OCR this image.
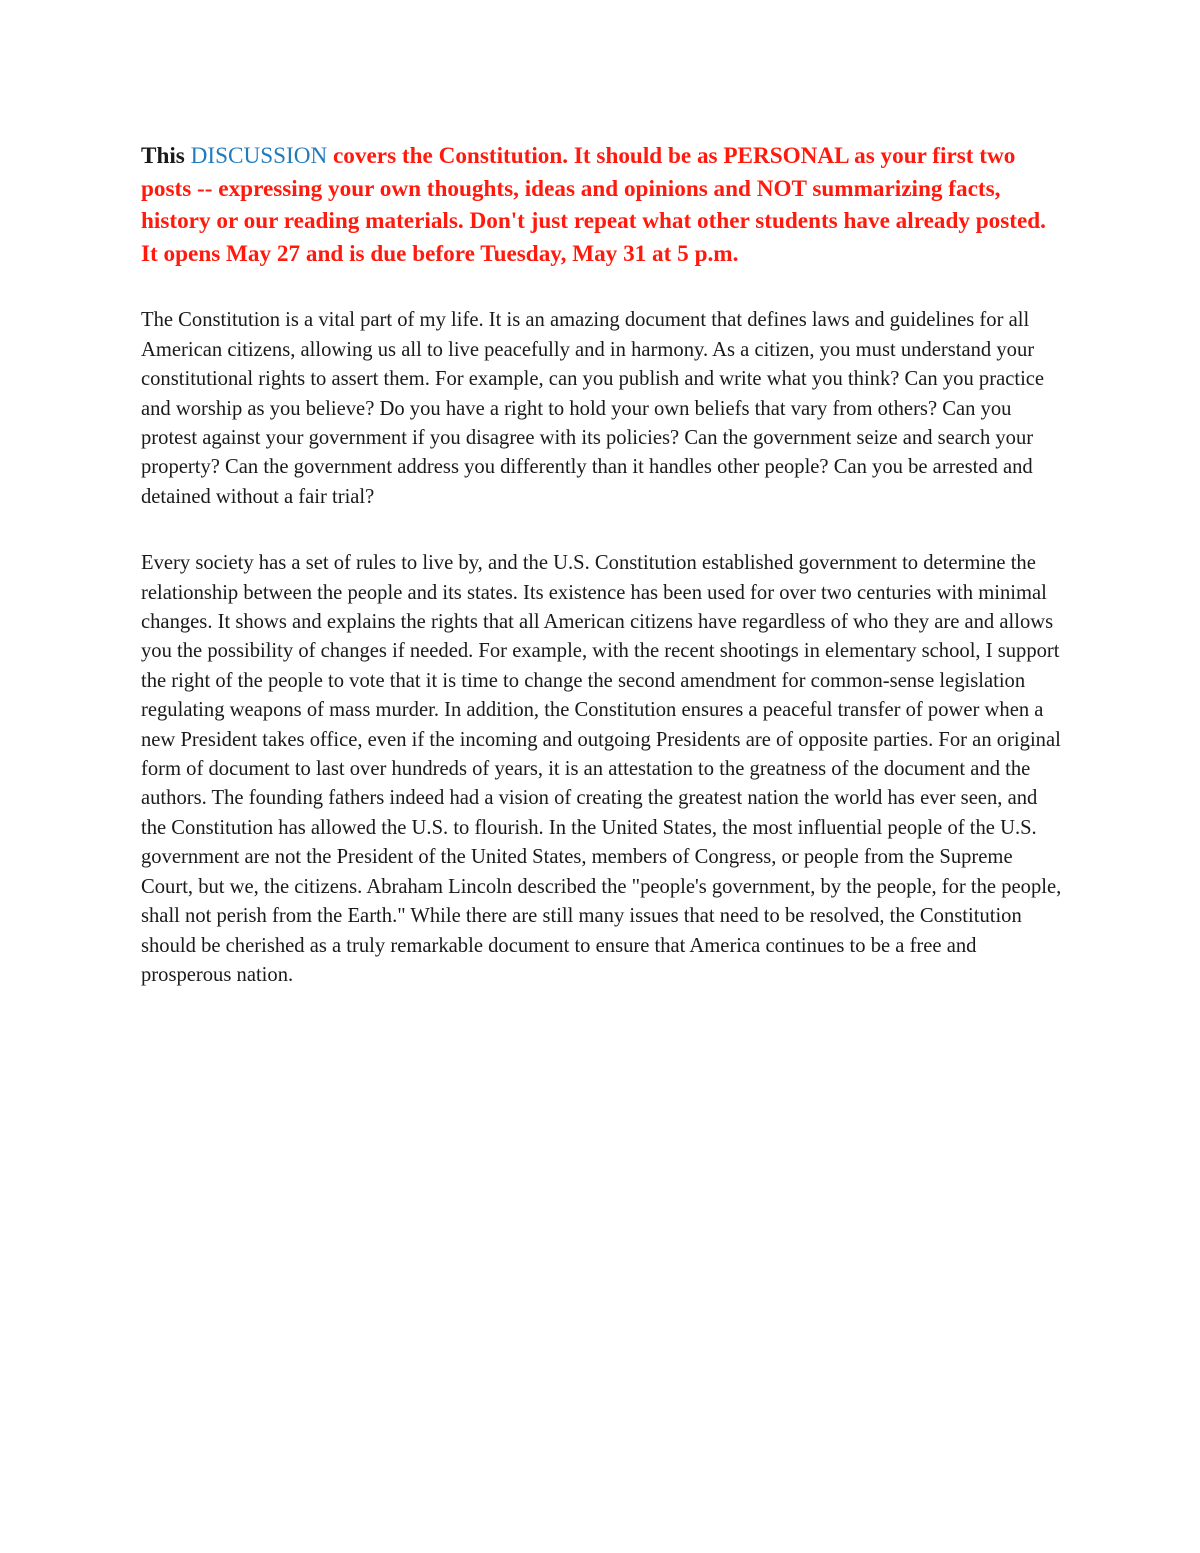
This DISCUSSION covers the Constitution. It should be as PERSONAL as your first two posts -- expressing your own thoughts, ideas and opinions and NOT summarizing facts, history or our reading materials. Don't just repeat what other students have already posted. It opens May 27 and is due before Tuesday, May 31 at 5 p.m.

The Constitution is a vital part of my life. It is an amazing document that defines laws and guidelines for all American citizens, allowing us all to live peacefully and in harmony. As a citizen, you must understand your constitutional rights to assert them. For example, can you publish and write what you think? Can you practice and worship as you believe? Do you have a right to hold your own beliefs that vary from others? Can you protest against your government if you disagree with its policies? Can the government seize and search your property? Can the government address you differently than it handles other people? Can you be arrested and detained without a fair trial?

Every society has a set of rules to live by, and the U.S. Constitution established government to determine the relationship between the people and its states. Its existence has been used for over two centuries with minimal changes. It shows and explains the rights that all American citizens have regardless of who they are and allows you the possibility of changes if needed. For example, with the recent shootings in elementary school, I support the right of the people to vote that it is time to change the second amendment for common-sense legislation regulating weapons of mass murder. In addition, the Constitution ensures a peaceful transfer of power when a new President takes office, even if the incoming and outgoing Presidents are of opposite parties. For an original form of document to last over hundreds of years, it is an attestation to the greatness of the document and the authors. The founding fathers indeed had a vision of creating the greatest nation the world has ever seen, and the Constitution has allowed the U.S. to flourish. In the United States, the most influential people of the U.S. government are not the President of the United States, members of Congress, or people from the Supreme Court, but we, the citizens. Abraham Lincoln described the "people's government, by the people, for the people, shall not perish from the Earth." While there are still many issues that need to be resolved, the Constitution should be cherished as a truly remarkable document to ensure that America continues to be a free and prosperous nation.
